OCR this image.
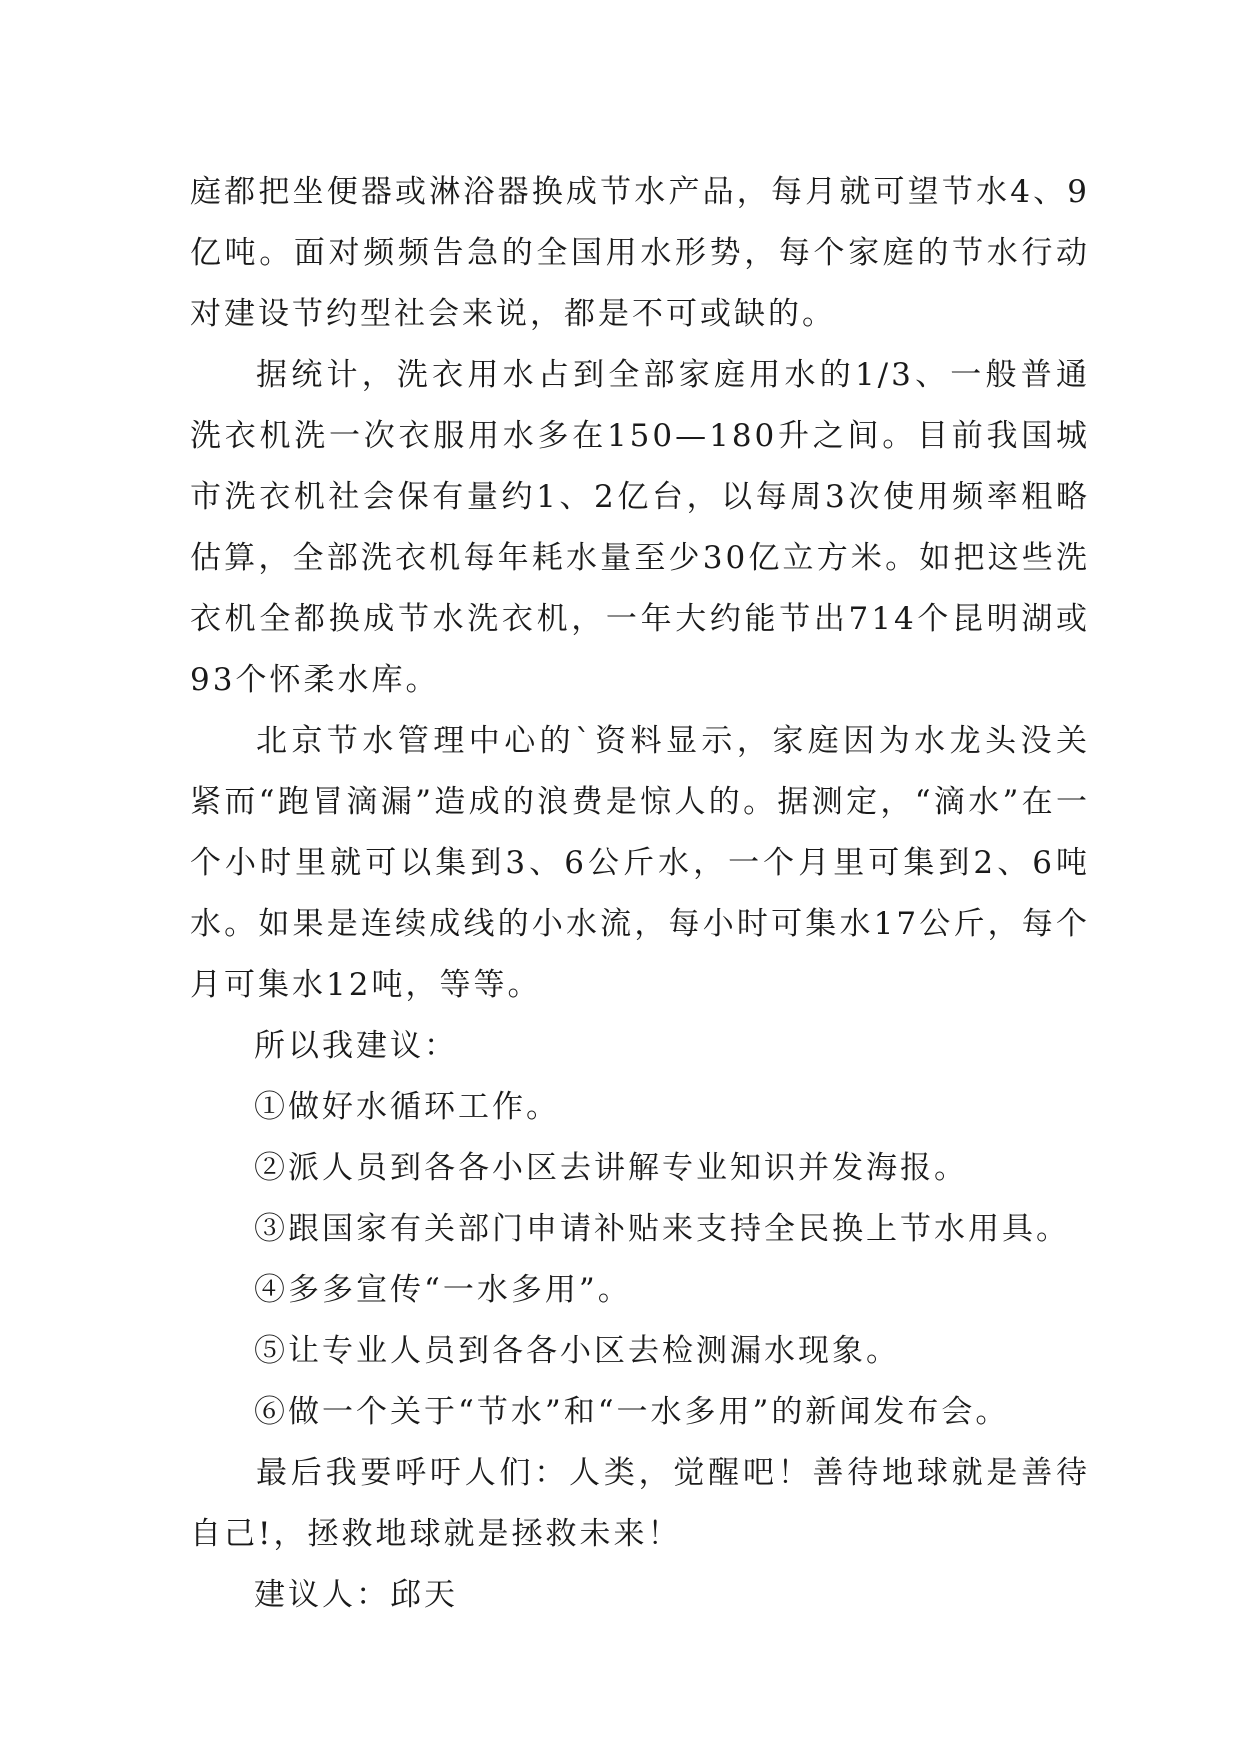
庭都把坐便器或淋浴器换成节水产品，每月就可望节水4、9亿吨。面对频频告急的全国用水形势，每个家庭的节水行动对建设节约型社会来说，都是不可或缺的。

据统计，洗衣用水占到全部家庭用水的1/3、一般普通洗衣机洗一次衣服用水多在150—180升之间。目前我国城市洗衣机社会保有量约1、2亿台，以每周3次使用频率粗略估算，全部洗衣机每年耗水量至少30亿立方米。如把这些洗衣机全都换成节水洗衣机，一年大约能节出714个昆明湖或93个怀柔水库。

北京节水管理中心的`资料显示，家庭因为水龙头没关紧而“跑冒滴漏”造成的浪费是惊人的。据测定，“滴水”在一个小时里就可以集到3、6公斤水，一个月里可集到2、6吨水。如果是连续成线的小水流，每小时可集水17公斤，每个月可集水12吨，等等。

所以我建议：

①做好水循环工作。

②派人员到各各小区去讲解专业知识并发海报。

③跟国家有关部门申请补贴来支持全民换上节水用具。

④多多宣传“一水多用”。

⑤让专业人员到各各小区去检测漏水现象。

⑥做一个关于“节水”和“一水多用”的新闻发布会。

最后我要呼吁人们：人类，觉醒吧！善待地球就是善待自己!，拯救地球就是拯救未来！

建议人：邱天
